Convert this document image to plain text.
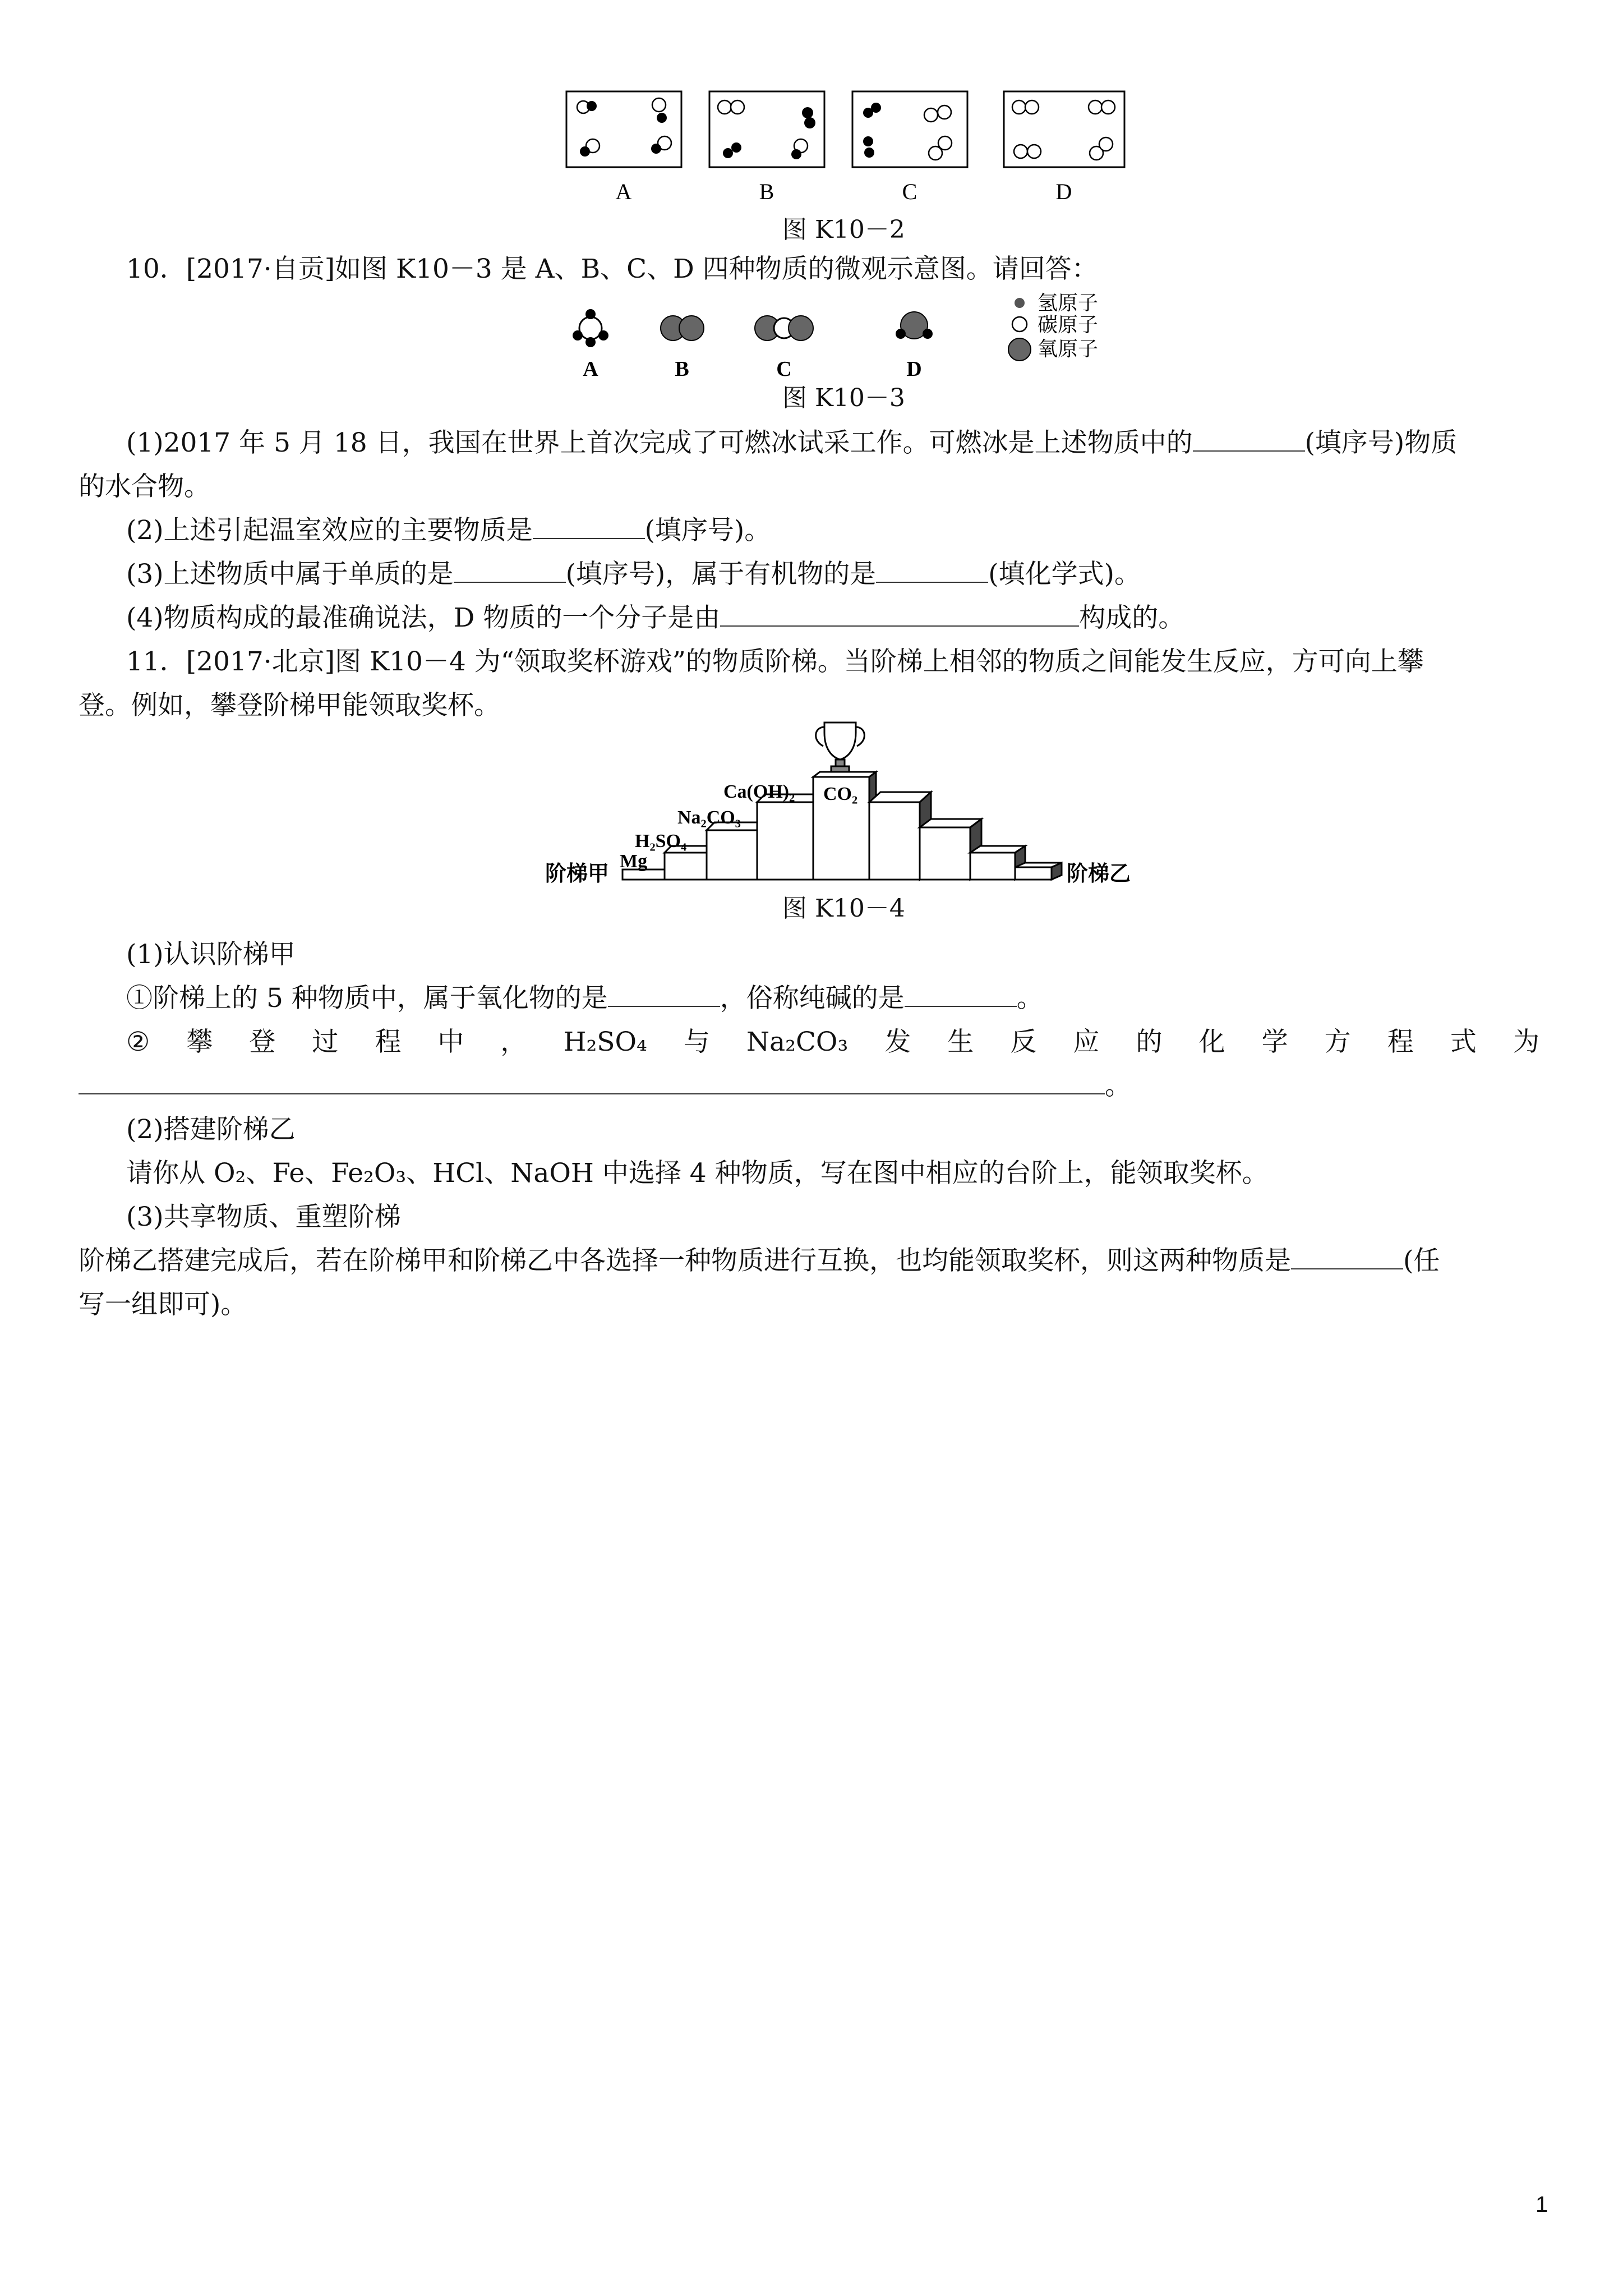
A	B	C	D
图 K10－2
10．[2017·自贡]如图 K10－3 是 A、B、C、D 四种物质的微观示意图。请回答：
氢原子
碳原子
氧原子
A	B	C	D
图 K10－3
(1)2017 年 5 月 18 日，我国在世界上首次完成了可燃冰试采工作。可燃冰是上述物质中的	(填序号)物质
的水合物。
(2)上述引起温室效应的主要物质是	(填序号)。
(3)上述物质中属于单质的是	(填序号)，属于有机物的是	(填化学式)。
(4)物质构成的最准确说法，D 物质的一个分子是由	构成的。
11．[2017·北京]图 K10－4 为“领取奖杯游戏”的物质阶梯。当阶梯上相邻的物质之间能发生反应，方可向上攀
登。例如，攀登阶梯甲能领取奖杯。
Mg
H₂SO₄
Na₂CO₃
Ca(OH)₂ CO₂
阶梯甲	阶梯乙
图 K10－4
(1)认识阶梯甲
①阶梯上的 5 种物质中，属于氧化物的是	，俗称纯碱的是	。
② 攀 登 过 程 中 ， H₂SO₄ 与 Na₂CO₃ 发 生 反 应 的 化 学 方 程 式 为
。
(2)搭建阶梯乙
请你从 O₂、Fe、Fe₂O₃、HCl、NaOH 中选择 4 种物质，写在图中相应的台阶上，能领取奖杯。
(3)共享物质、重塑阶梯
阶梯乙搭建完成后，若在阶梯甲和阶梯乙中各选择一种物质进行互换，也均能领取奖杯，则这两种物质是	(任
写一组即可)。
1
